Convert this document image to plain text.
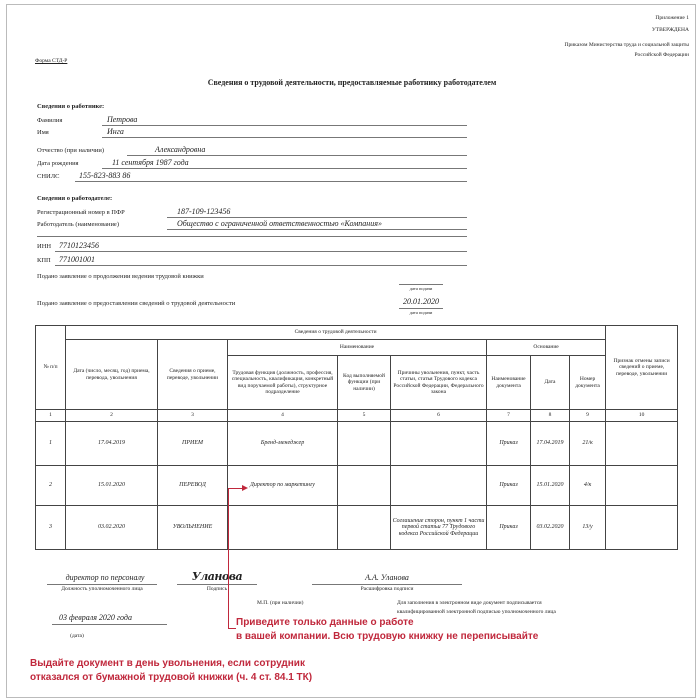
Приложение 1
УТВЕРЖДЕНА
Приказом Министерства труда и социальной защиты
Российской Федерации
Форма СТД-Р
Сведения о трудовой деятельности, предоставляемые работнику работодателем
Сведения о работнике:
Фамилия	Петрова
Имя	Инга
Отчество (при наличии)	Александровна
Дата рождения	11 сентября 1987 года
СНИЛС 155-823-883 86
Сведения о работодателе:
Регистрационный номер в ПФР	187-109-123456
Работодатель (наименование)	Общество с ограниченной ответственностью «Компания»
ИНН 7710123456
КПП 771001001
Подано заявление о продолжении ведения трудовой книжки
дата подачи
Подано заявление о предоставлении сведений о трудовой деятельности	20.01.2020
дата подачи
№ п/п	Сведения о трудовой деятельности								Признак отмены записи сведений о приеме, переводе, увольнении
	Дата (число, месяц, год) приема, перевода, увольнения	Сведения о приеме, переводе, увольнении	Наименование			Основание			
			Трудовая функция (должность, профессия, специальность, квалификация, конкретный вид поручаемой работы), структурное подразделение	Код выполняемой функции (при наличии)	Причины увольнения, пункт, часть статьи, статья Трудового кодекса Российской Федерации, Федерального закона	Наименование документа	Дата	Номер документа	
1	2	3	4	5	6	7	8	9	10
1	17.04.2019	ПРИЕМ	Бренд-менеджер			Приказ	17.04.2019	21/к	
2	15.01.2020	ПЕРЕВОД	Директор по маркетингу			Приказ	15.01.2020	4/к	
3	03.02.2020	УВОЛЬНЕНИЕ			Соглашение сторон, пункт 1 части первой статьи 77 Трудового кодекса Российской Федерации	Приказ	03.02.2020	13/у	
директор по персоналу
Должность уполномоченного лица
Уланова
Подпись
А.А. Уланова
Расшифровка подписи
М.П. (при наличии)	Для заполнения в электронном виде документ подписывается
квалифицированной электронной подписью уполномоченного лица
03 февраля 2020 года
(дата)
Приведите только данные о работе
в вашей компании. Всю трудовую книжку не переписывайте
Выдайте документ в день увольнения, если сотрудник
отказался от бумажной трудовой книжки (ч. 4 ст. 84.1 ТК)
